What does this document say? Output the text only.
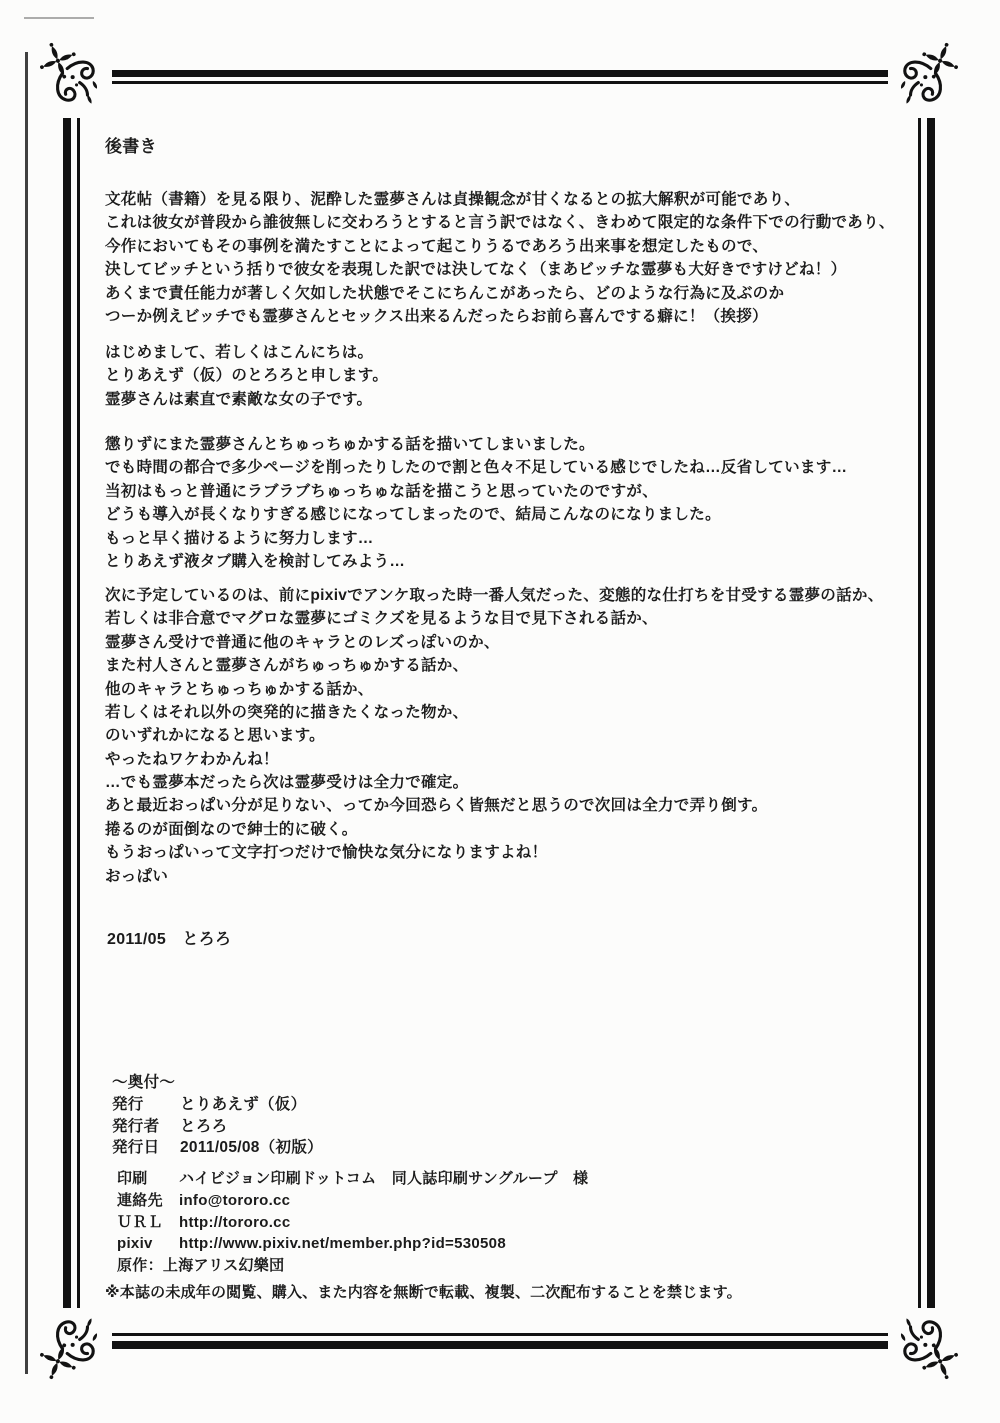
後書き
文花帖（書籍）を見る限り、泥酔した霊夢さんは貞操観念が甘くなるとの拡大解釈が可能であり、
これは彼女が普段から誰彼無しに交わろうとすると言う訳ではなく、きわめて限定的な条件下での行動であり、
今作においてもその事例を満たすことによって起こりうるであろう出来事を想定したもので、
決してビッチという括りで彼女を表現した訳では決してなく（まあビッチな霊夢も大好きですけどね！）
あくまで責任能力が著しく欠如した状態でそこにちんこがあったら、どのような行為に及ぶのか
つーか例えビッチでも霊夢さんとセックス出来るんだったらお前ら喜んでする癖に！（挨拶）
はじめまして、若しくはこんにちは。
とりあえず（仮）のとろろと申します。
霊夢さんは素直で素敵な女の子です。
懲りずにまた霊夢さんとちゅっちゅかする話を描いてしまいました。
でも時間の都合で多少ページを削ったりしたので割と色々不足している感じでしたね…反省しています…
当初はもっと普通にラブラブちゅっちゅな話を描こうと思っていたのですが、
どうも導入が長くなりすぎる感じになってしまったので、結局こんなのになりました。
もっと早く描けるように努力します…
とりあえず液タブ購入を検討してみよう…
次に予定しているのは、前にpixivでアンケ取った時一番人気だった、変態的な仕打ちを甘受する霊夢の話か、
若しくは非合意でマグロな霊夢にゴミクズを見るような目で見下される話か、
霊夢さん受けで普通に他のキャラとのレズっぽいのか、
また村人さんと霊夢さんがちゅっちゅかする話か、
他のキャラとちゅっちゅかする話か、
若しくはそれ以外の突発的に描きたくなった物か、
のいずれかになると思います。
やったねワケわかんね！
…でも霊夢本だったら次は霊夢受けは全力で確定。
あと最近おっぱい分が足りない、ってか今回恐らく皆無だと思うので次回は全力で弄り倒す。
捲るのが面倒なので紳士的に破く。
もうおっぱいって文字打つだけで愉快な気分になりますよね！
おっぱい
2011/05　とろろ
～奥付～
発行	とりあえず（仮）
発行者	とろろ
発行日	2011/05/08（初版）
印刷	ハイビジョン印刷ドットコム　同人誌印刷サングループ　様
連絡先	info@tororo.cc
ＵＲＬ	http://tororo.cc
pixiv	http://www.pixiv.net/member.php?id=530508
原作：上海アリス幻樂団
※本誌の未成年の閲覧、購入、また内容を無断で転載、複製、二次配布することを禁じます。
